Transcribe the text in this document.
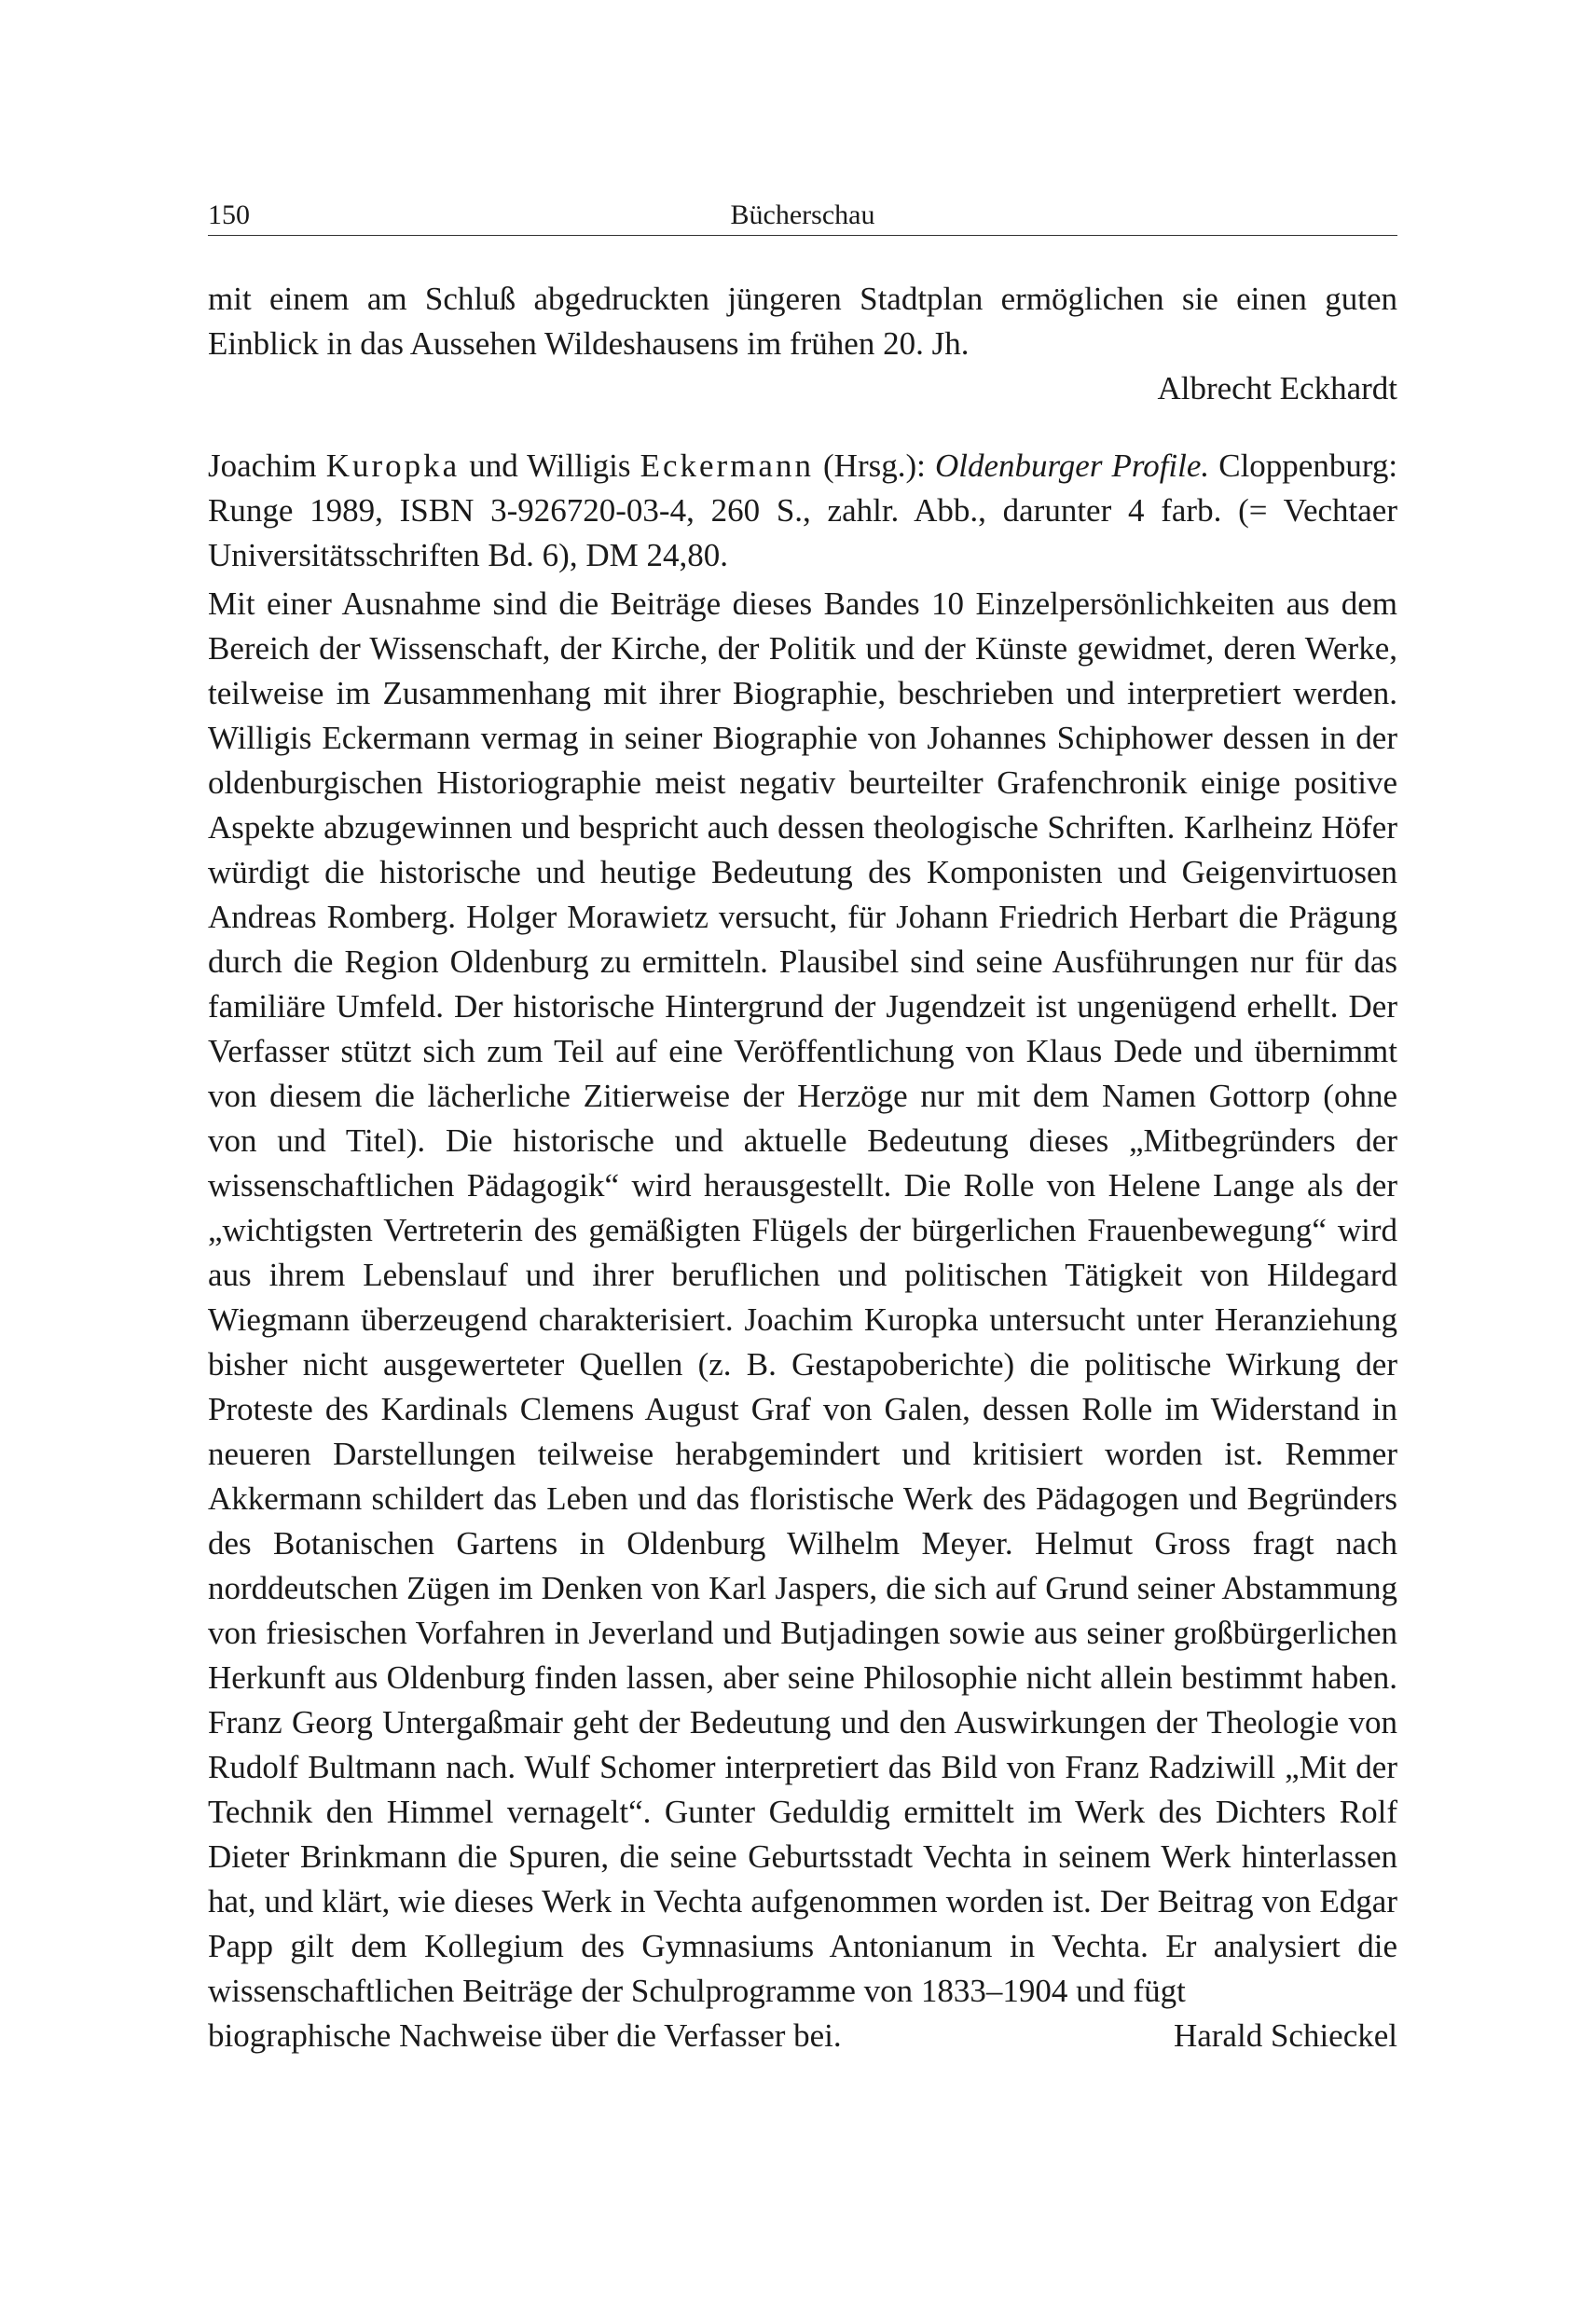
150	Bücherschau

mit einem am Schluß abgedruckten jüngeren Stadtplan ermöglichen sie einen guten Einblick in das Aussehen Wildeshausens im frühen 20. Jh.

Albrecht Eckhardt

Joachim Kuropka und Willigis Eckermann (Hrsg.): Oldenburger Profile. Cloppenburg: Runge 1989, ISBN 3-926720-03-4, 260 S., zahlr. Abb., darunter 4 farb. (= Vechtaer Universitätsschriften Bd. 6), DM 24,80.

Mit einer Ausnahme sind die Beiträge dieses Bandes 10 Einzelpersönlichkeiten aus dem Bereich der Wissenschaft, der Kirche, der Politik und der Künste gewidmet, deren Werke, teilweise im Zusammenhang mit ihrer Biographie, beschrieben und interpretiert werden. Willigis Eckermann vermag in seiner Biographie von Johannes Schiphower dessen in der oldenburgischen Historiographie meist negativ beurteilter Grafenchronik einige positive Aspekte abzugewinnen und bespricht auch dessen theologische Schriften. Karlheinz Höfer würdigt die historische und heutige Bedeutung des Komponisten und Geigenvirtuosen Andreas Romberg. Holger Morawietz versucht, für Johann Friedrich Herbart die Prägung durch die Region Oldenburg zu ermitteln. Plausibel sind seine Ausführungen nur für das familiäre Umfeld. Der historische Hintergrund der Jugendzeit ist ungenügend erhellt. Der Verfasser stützt sich zum Teil auf eine Veröffentlichung von Klaus Dede und übernimmt von diesem die lächerliche Zitierweise der Herzöge nur mit dem Namen Gottorp (ohne von und Titel). Die historische und aktuelle Bedeutung dieses „Mitbegründers der wissenschaftlichen Pädagogik“ wird herausgestellt. Die Rolle von Helene Lange als der „wichtigsten Vertreterin des gemäßigten Flügels der bürgerlichen Frauenbewegung“ wird aus ihrem Lebenslauf und ihrer beruflichen und politischen Tätigkeit von Hildegard Wiegmann überzeugend charakterisiert. Joachim Kuropka untersucht unter Heranziehung bisher nicht ausgewerteter Quellen (z. B. Gestapoberichte) die politische Wirkung der Proteste des Kardinals Clemens August Graf von Galen, dessen Rolle im Widerstand in neueren Darstellungen teilweise herabgemindert und kritisiert worden ist. Remmer Akkermann schildert das Leben und das floristische Werk des Pädagogen und Begründers des Botanischen Gartens in Oldenburg Wilhelm Meyer. Helmut Gross fragt nach norddeutschen Zügen im Denken von Karl Jaspers, die sich auf Grund seiner Abstammung von friesischen Vorfahren in Jeverland und Butjadingen sowie aus seiner großbürgerlichen Herkunft aus Oldenburg finden lassen, aber seine Philosophie nicht allein bestimmt haben. Franz Georg Untergaßmair geht der Bedeutung und den Auswirkungen der Theologie von Rudolf Bultmann nach. Wulf Schomer interpretiert das Bild von Franz Radziwill „Mit der Technik den Himmel vernagelt“. Gunter Geduldig ermittelt im Werk des Dichters Rolf Dieter Brinkmann die Spuren, die seine Geburtsstadt Vechta in seinem Werk hinterlassen hat, und klärt, wie dieses Werk in Vechta aufgenommen worden ist. Der Beitrag von Edgar Papp gilt dem Kollegium des Gymnasiums Antonianum in Vechta. Er analysiert die wissenschaftlichen Beiträge der Schulprogramme von 1833–1904 und fügt

biographische Nachweise über die Verfasser bei.	Harald Schieckel
